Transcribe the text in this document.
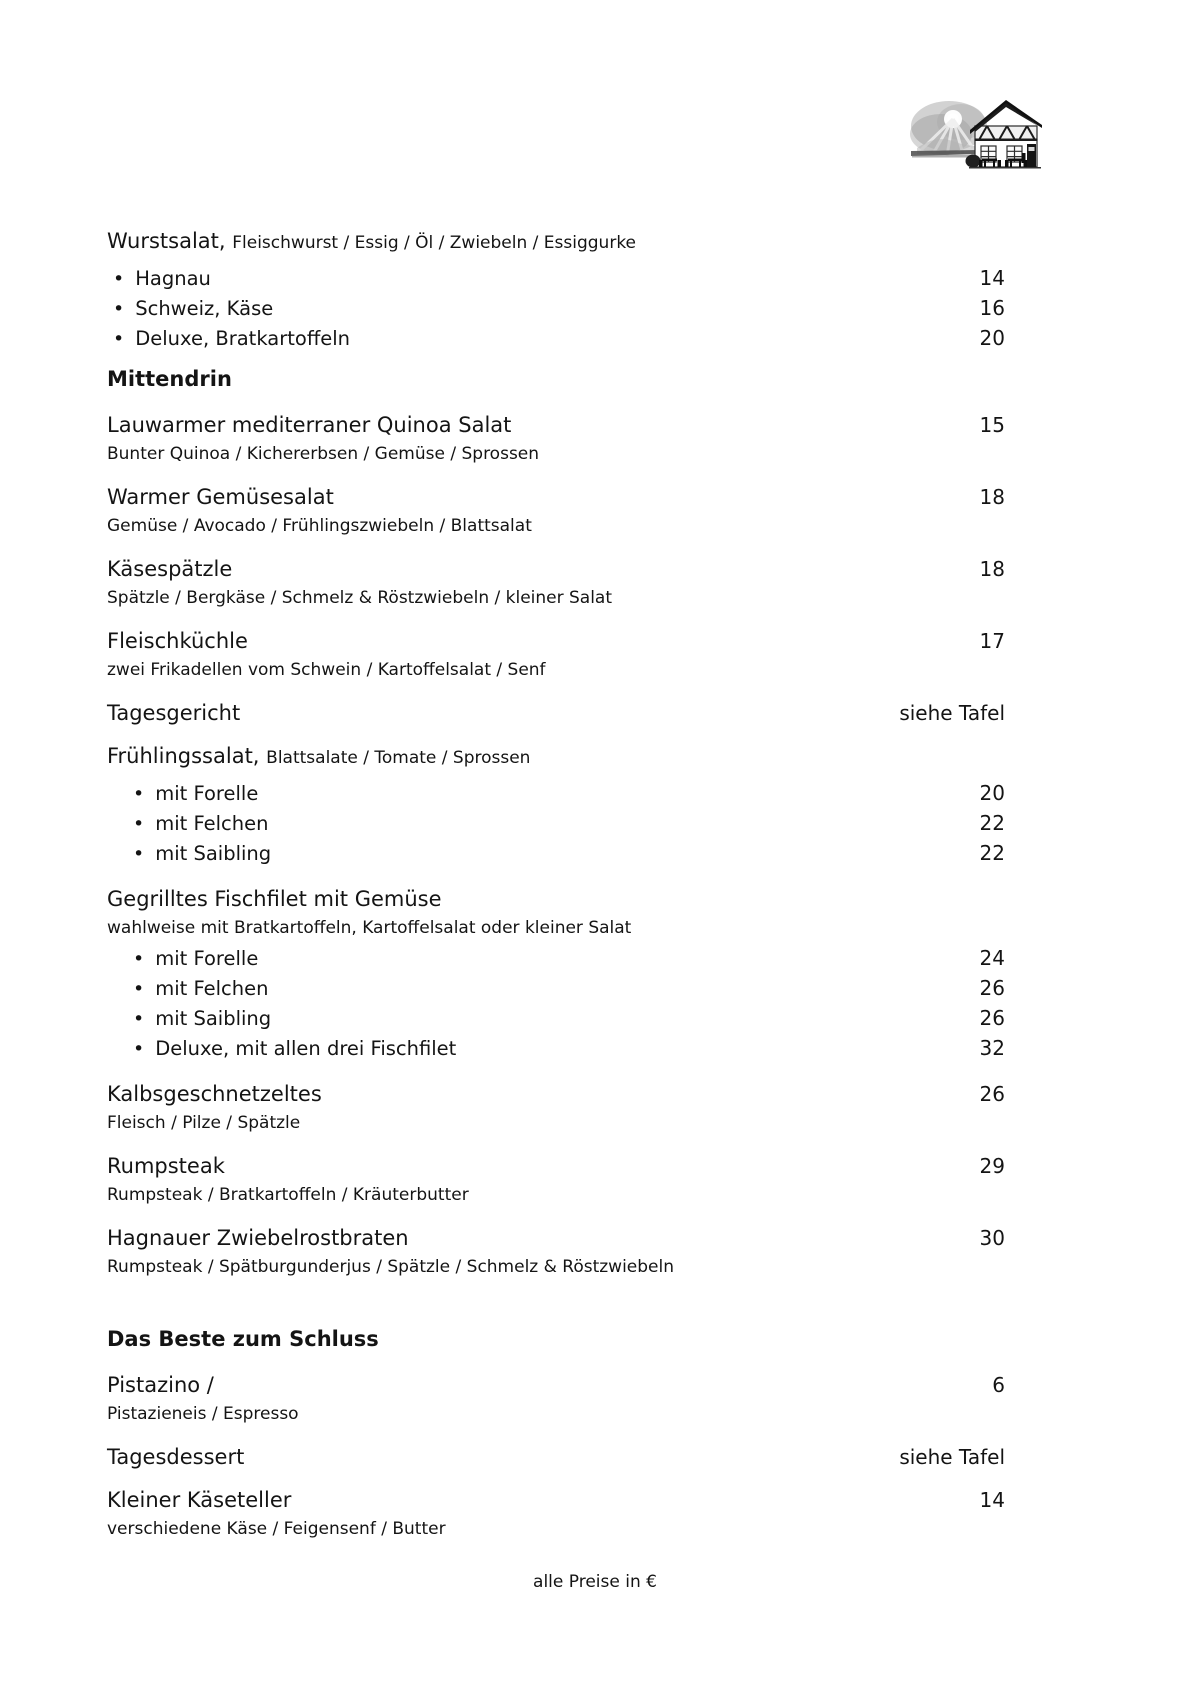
Wurstsalat, Fleischwurst / Essig / Öl / Zwiebeln / Essiggurke
• Hagnau	14
• Schweiz, Käse	16
• Deluxe, Bratkartoffeln	20
Mittendrin
Lauwarmer mediterraner Quinoa Salat	15
Bunter Quinoa / Kichererbsen / Gemüse / Sprossen
Warmer Gemüsesalat	18
Gemüse / Avocado / Frühlingszwiebeln / Blattsalat
Käsespätzle	18
Spätzle / Bergkäse / Schmelz & Röstzwiebeln / kleiner Salat
Fleischküchle	17
zwei Frikadellen vom Schwein / Kartoffelsalat / Senf
Tagesgericht	siehe Tafel
Frühlingssalat, Blattsalate / Tomate / Sprossen
• mit Forelle	20
• mit Felchen	22
• mit Saibling	22
Gegrilltes Fischfilet mit Gemüse
wahlweise mit Bratkartoffeln, Kartoffelsalat oder kleiner Salat
• mit Forelle	24
• mit Felchen	26
• mit Saibling	26
• Deluxe, mit allen drei Fischfilet	32
Kalbsgeschnetzeltes	26
Fleisch / Pilze / Spätzle
Rumpsteak	29
Rumpsteak / Bratkartoffeln / Kräuterbutter
Hagnauer Zwiebelrostbraten	30
Rumpsteak / Spätburgunderjus / Spätzle / Schmelz & Röstzwiebeln
Das Beste zum Schluss
Pistazino /	6
Pistazieneis / Espresso
Tagesdessert	siehe Tafel
Kleiner Käseteller	14
verschiedene Käse / Feigensenf / Butter
alle Preise in €
